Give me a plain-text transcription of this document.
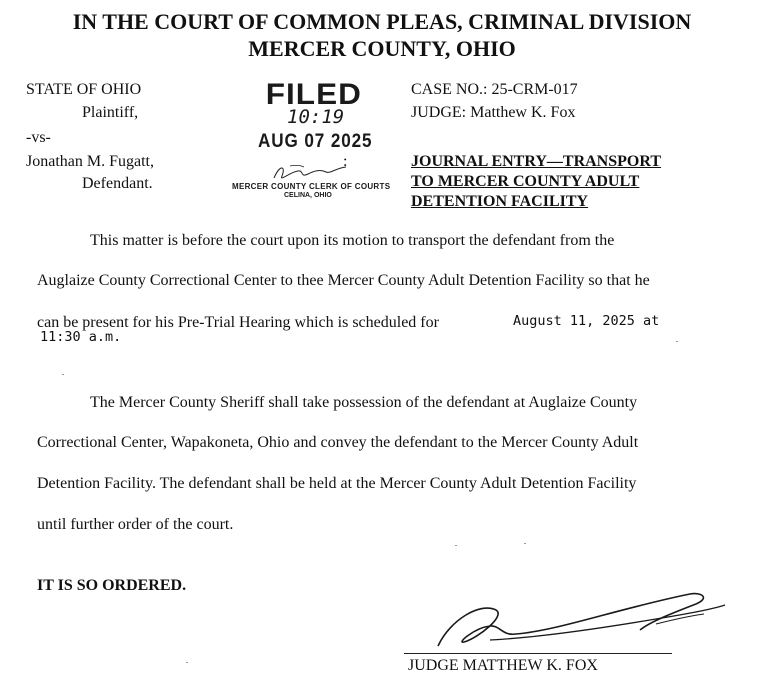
IN THE COURT OF COMMON PLEAS, CRIMINAL DIVISION
MERCER COUNTY, OHIO
STATE OF OHIO
Plaintiff,
-vs-
Jonathan M. Fugatt,
Defendant.
:
CASE NO.: 25-CRM-017
JUDGE: Matthew K. Fox
JOURNAL ENTRY—TRANSPORT
TO MERCER COUNTY ADULT
DETENTION FACILITY
FILED
10:19
AUG 07 2025
MERCER COUNTY CLERK OF COURTS
CELINA, OHIO
This matter is before the court upon its motion to transport the defendant from the
Auglaize County Correctional Center to thee Mercer County Adult Detention Facility so that he
can be present for his Pre-Trial Hearing which is scheduled for	August 11, 2025 at
11:30 a.m.
The Mercer County Sheriff shall take possession of the defendant at Auglaize County
Correctional Center, Wapakoneta, Ohio and convey the defendant to the Mercer County Adult
Detention Facility. The defendant shall be held at the Mercer County Adult Detention Facility
until further order of the court.
IT IS SO ORDERED.
JUDGE MATTHEW K. FOX
